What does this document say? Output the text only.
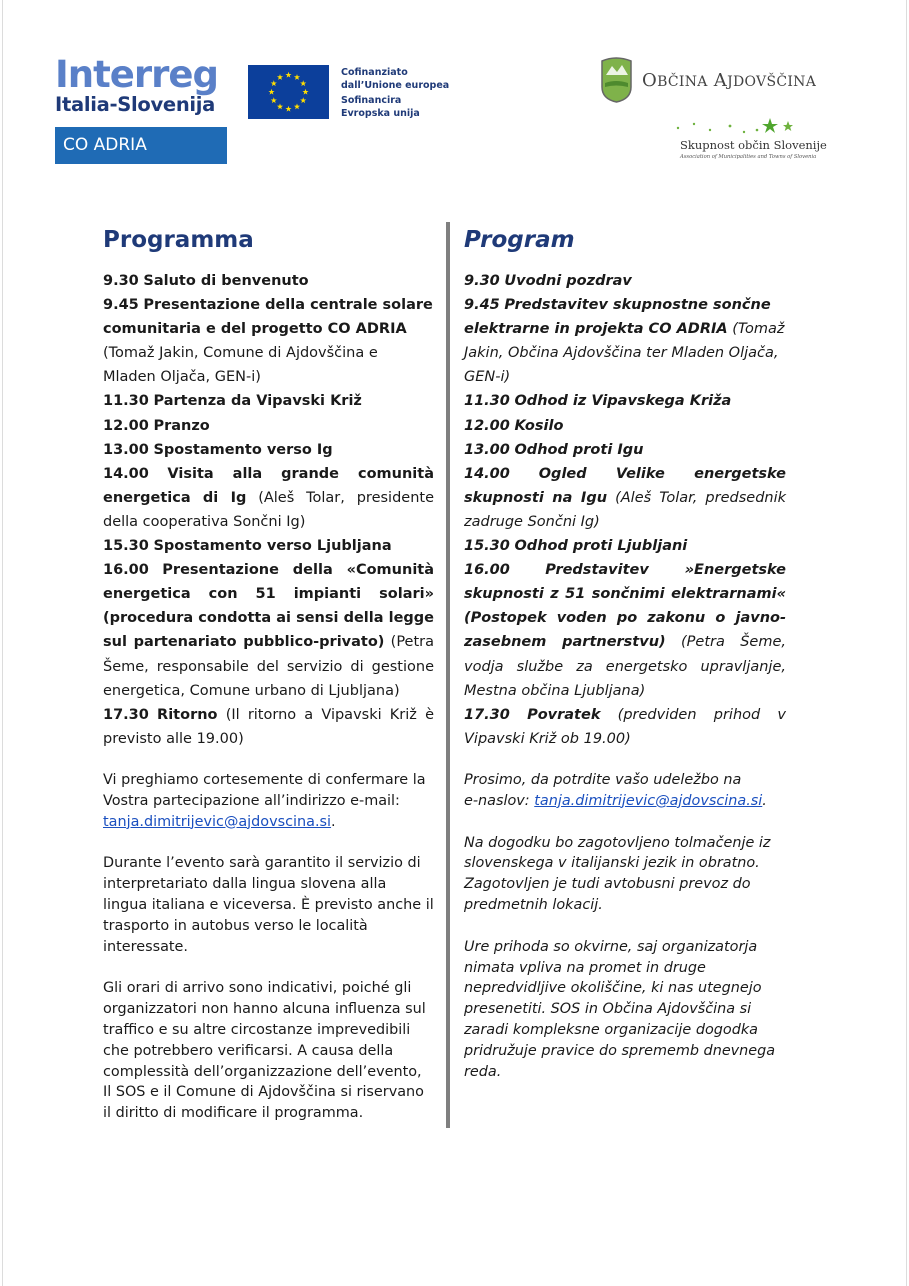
Interreg
Italia-Slovenija
CO ADRIA
Cofinanziato
dall’Unione europea
Sofinancira
Evropska unija
OBČINA AJDOVŠČINA
Skupnost občin Slovenije
Association of Municipalities and Towns of Slovenia
Programma
9.30 Saluto di benvenuto
9.45 Presentazione della centrale solare comunitaria e del progetto CO ADRIA
(Tomaž Jakin, Comune di Ajdovščina e Mladen Oljača, GEN-i)
11.30 Partenza da Vipavski Križ
12.00 Pranzo
13.00 Spostamento verso Ig
14.00 Visita alla grande comunità energetica di Ig (Aleš Tolar, presidente della cooperativa Sončni Ig)
15.30 Spostamento verso Ljubljana
16.00 Presentazione della «Comunità energetica con 51 impianti solari» (procedura condotta ai sensi della legge sul partenariato pubblico-privato) (Petra Šeme, responsabile del servizio di gestione energetica, Comune urbano di Ljubljana)
17.30 Ritorno (Il ritorno a Vipavski Križ è previsto alle 19.00)

Vi preghiamo cortesemente di confermare la Vostra partecipazione all’indirizzo e-mail:
tanja.dimitrijevic@ajdovscina.si.

Durante l’evento sarà garantito il servizio di interpretariato dalla lingua slovena alla lingua italiana e viceversa. È previsto anche il trasporto in autobus verso le località interessate.

Gli orari di arrivo sono indicativi, poiché gli organizzatori non hanno alcuna influenza sul traffico e su altre circostanze imprevedibili che potrebbero verificarsi. A causa della complessità dell’organizzazione dell’evento, Il SOS e il Comune di Ajdovščina si riservano il diritto di modificare il programma.

Program
9.30 Uvodni pozdrav
9.45 Predstavitev skupnostne sončne elektrarne in projekta CO ADRIA (Tomaž Jakin, Občina Ajdovščina ter Mladen Oljača, GEN-i)
11.30 Odhod iz Vipavskega Križa
12.00 Kosilo
13.00 Odhod proti Igu
14.00 Ogled Velike energetske skupnosti na Igu (Aleš Tolar, predsednik zadruge Sončni Ig)
15.30 Odhod proti Ljubljani
16.00 Predstavitev »Energetske skupnosti z 51 sončnimi elektrarnami« (Postopek voden po zakonu o javno-zasebnem partnerstvu) (Petra Šeme, vodja službe za energetsko upravljanje, Mestna občina Ljubljana)
17.30 Povratek (predviden prihod v Vipavski Križ ob 19.00)

Prosimo, da potrdite vašo udeležbo na
e-naslov: tanja.dimitrijevic@ajdovscina.si.

Na dogodku bo zagotovljeno tolmačenje iz slovenskega v italijanski jezik in obratno. Zagotovljen je tudi avtobusni prevoz do predmetnih lokacij.

Ure prihoda so okvirne, saj organizatorja nimata vpliva na promet in druge nepredvidljive okoliščine, ki nas utegnejo presenetiti. SOS in Občina Ajdovščina si zaradi kompleksne organizacije dogodka pridružuje pravice do sprememb dnevnega reda.
